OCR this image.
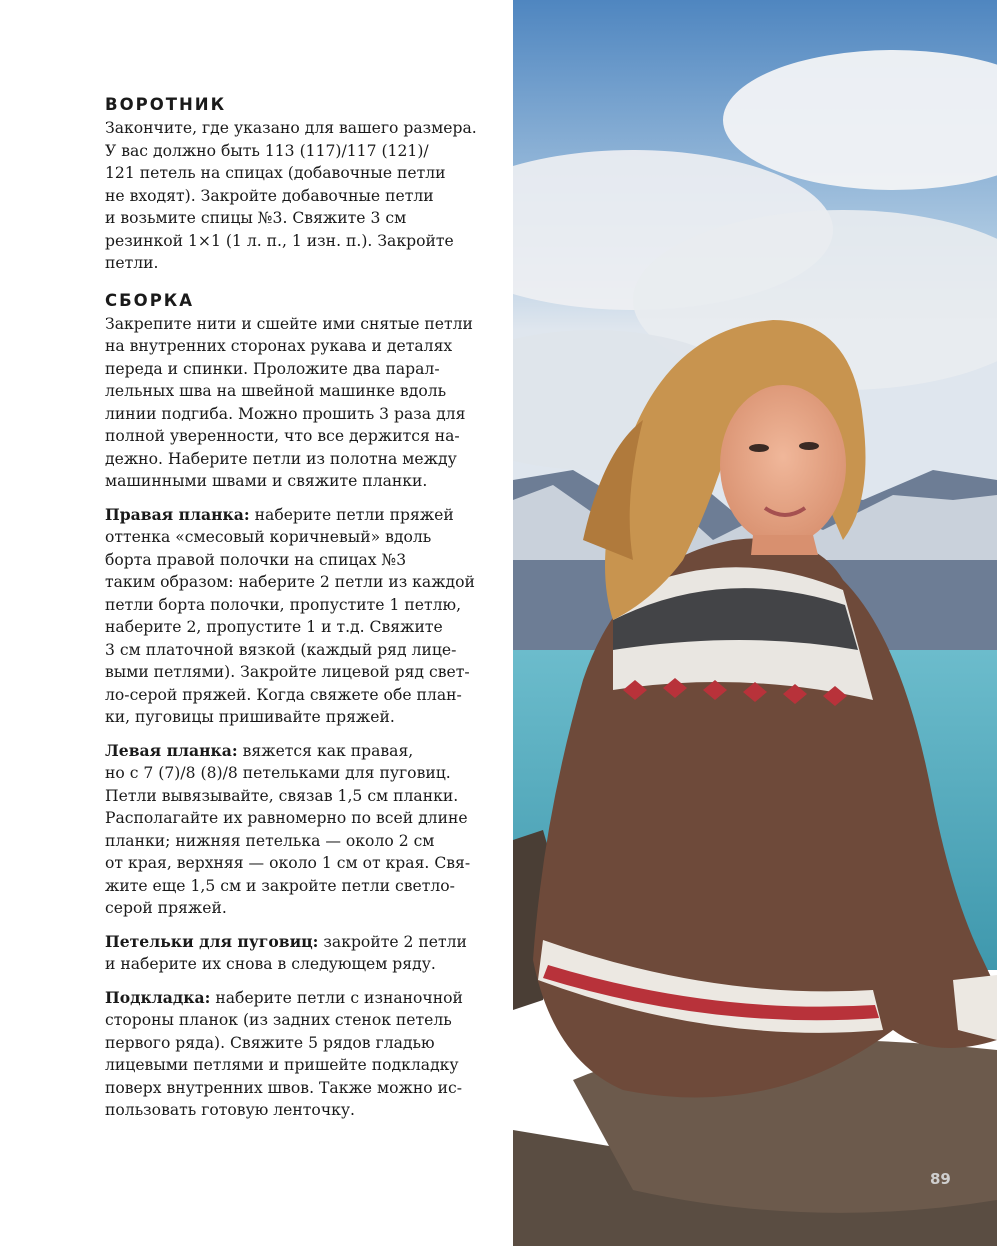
ВОРОТНИК
Закончите, где указано для вашего размера.
У вас должно быть 113 (117)/117 (121)/
121 петель на спицах (добавочные петли
не входят). Закройте добавочные петли
и возьмите спицы №3. Свяжите 3 см
резинкой 1×1 (1 л. п., 1 изн. п.). Закройте
петли.
СБОРКА
Закрепите нити и сшейте ими снятые петли
на внутренних сторонах рукава и деталях
переда и спинки. Проложите два парал-
лельных шва на швейной машинке вдоль
линии подгиба. Можно прошить 3 раза для
полной уверенности, что все держится на-
дежно. Наберите петли из полотна между
машинными швами и свяжите планки.
Правая планка: наберите петли пряжей
оттенка «смесовый коричневый» вдоль
борта правой полочки на спицах №3
таким образом: наберите 2 петли из каждой
петли борта полочки, пропустите 1 петлю,
наберите 2, пропустите 1 и т.д. Свяжите
3 см платочной вязкой (каждый ряд лице-
выми петлями). Закройте лицевой ряд свет-
ло-серой пряжей. Когда свяжете обе план-
ки, пуговицы пришивайте пряжей.
Левая планка: вяжется как правая,
но с 7 (7)/8 (8)/8 петельками для пуговиц.
Петли вывязывайте, связав 1,5 см планки.
Располагайте их равномерно по всей длине
планки; нижняя петелька — около 2 см
от края, верхняя — около 1 см от края. Свя-
жите еще 1,5 см и закройте петли светло-
серой пряжей.
Петельки для пуговиц: закройте 2 петли
и наберите их снова в следующем ряду.
Подкладка: наберите петли с изнаночной
стороны планок (из задних стенок петель
первого ряда). Свяжите 5 рядов гладью
лицевыми петлями и пришейте подкладку
поверх внутренних швов. Также можно ис-
пользовать готовую ленточку.
89
